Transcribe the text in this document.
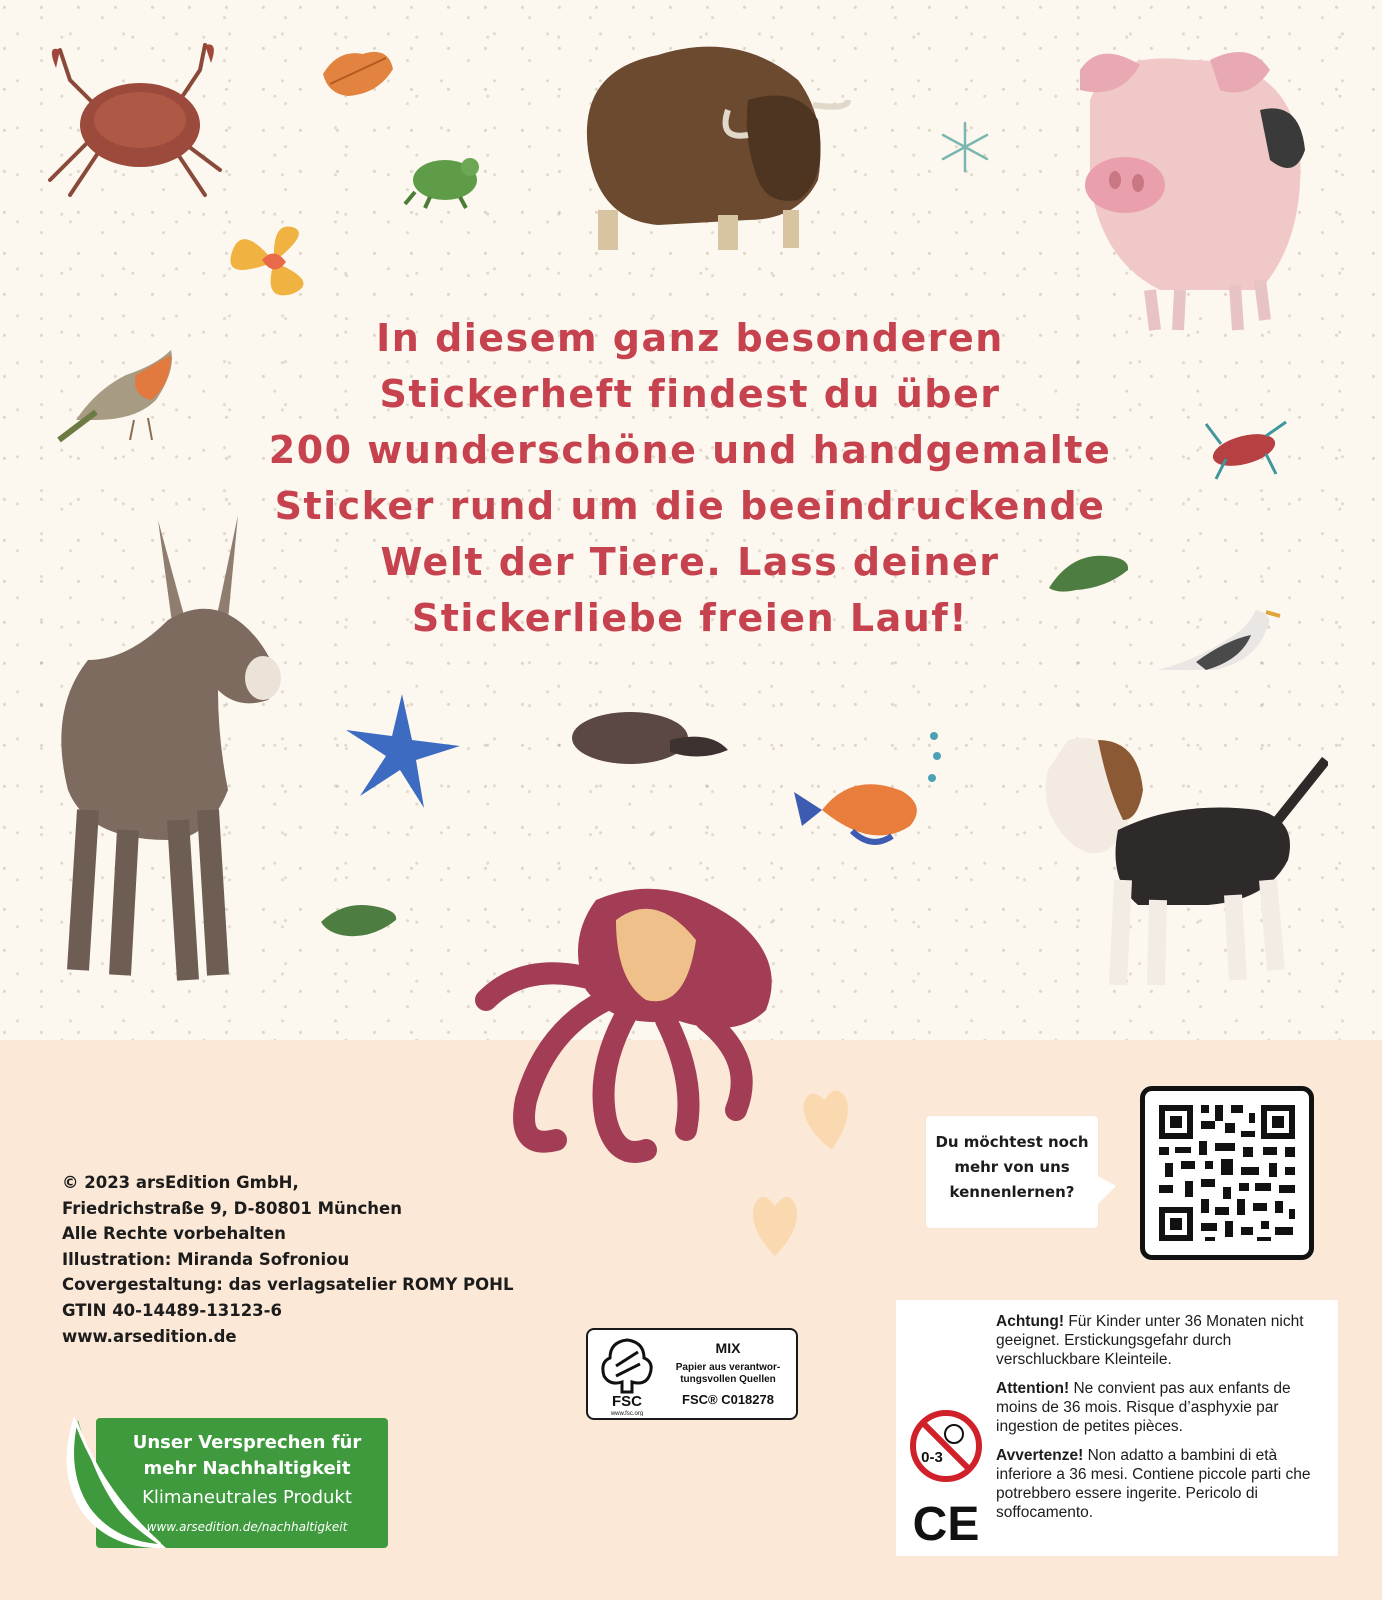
In diesem ganz besonderen
Stickerheft findest du über
200 wunderschöne und handgemalte
Sticker rund um die beeindruckende
Welt der Tiere. Lass deiner
Stickerliebe freien Lauf!
© 2023 arsEdition GmbH,
Friedrichstraße 9, D-80801 München
Alle Rechte vorbehalten
Illustration: Miranda Sofroniou
Covergestaltung: das verlagsatelier ROMY POHL
GTIN 40-14489-13123-6
www.arsedition.de
Unser Versprechen für
mehr Nachhaltigkeit
Klimaneutrales Produkt
www.arsedition.de/nachhaltigkeit
FSC
www.fsc.org
MIX
Papier aus verantwor-
tungsvollen Quellen
FSC® C018278
Du möchtest noch
mehr von uns
kennenlernen?
0-3
CE
Achtung! Für Kinder unter 36 Monaten nicht geeignet. Erstickungsgefahr durch verschluckbare Kleinteile.
Attention! Ne convient pas aux enfants de moins de 36 mois. Risque d’asphyxie par ingestion de petites pièces.
Avvertenze! Non adatto a bambini di età inferiore a 36 mesi. Contiene piccole parti che potrebbero essere ingerite. Pericolo di soffocamento.
